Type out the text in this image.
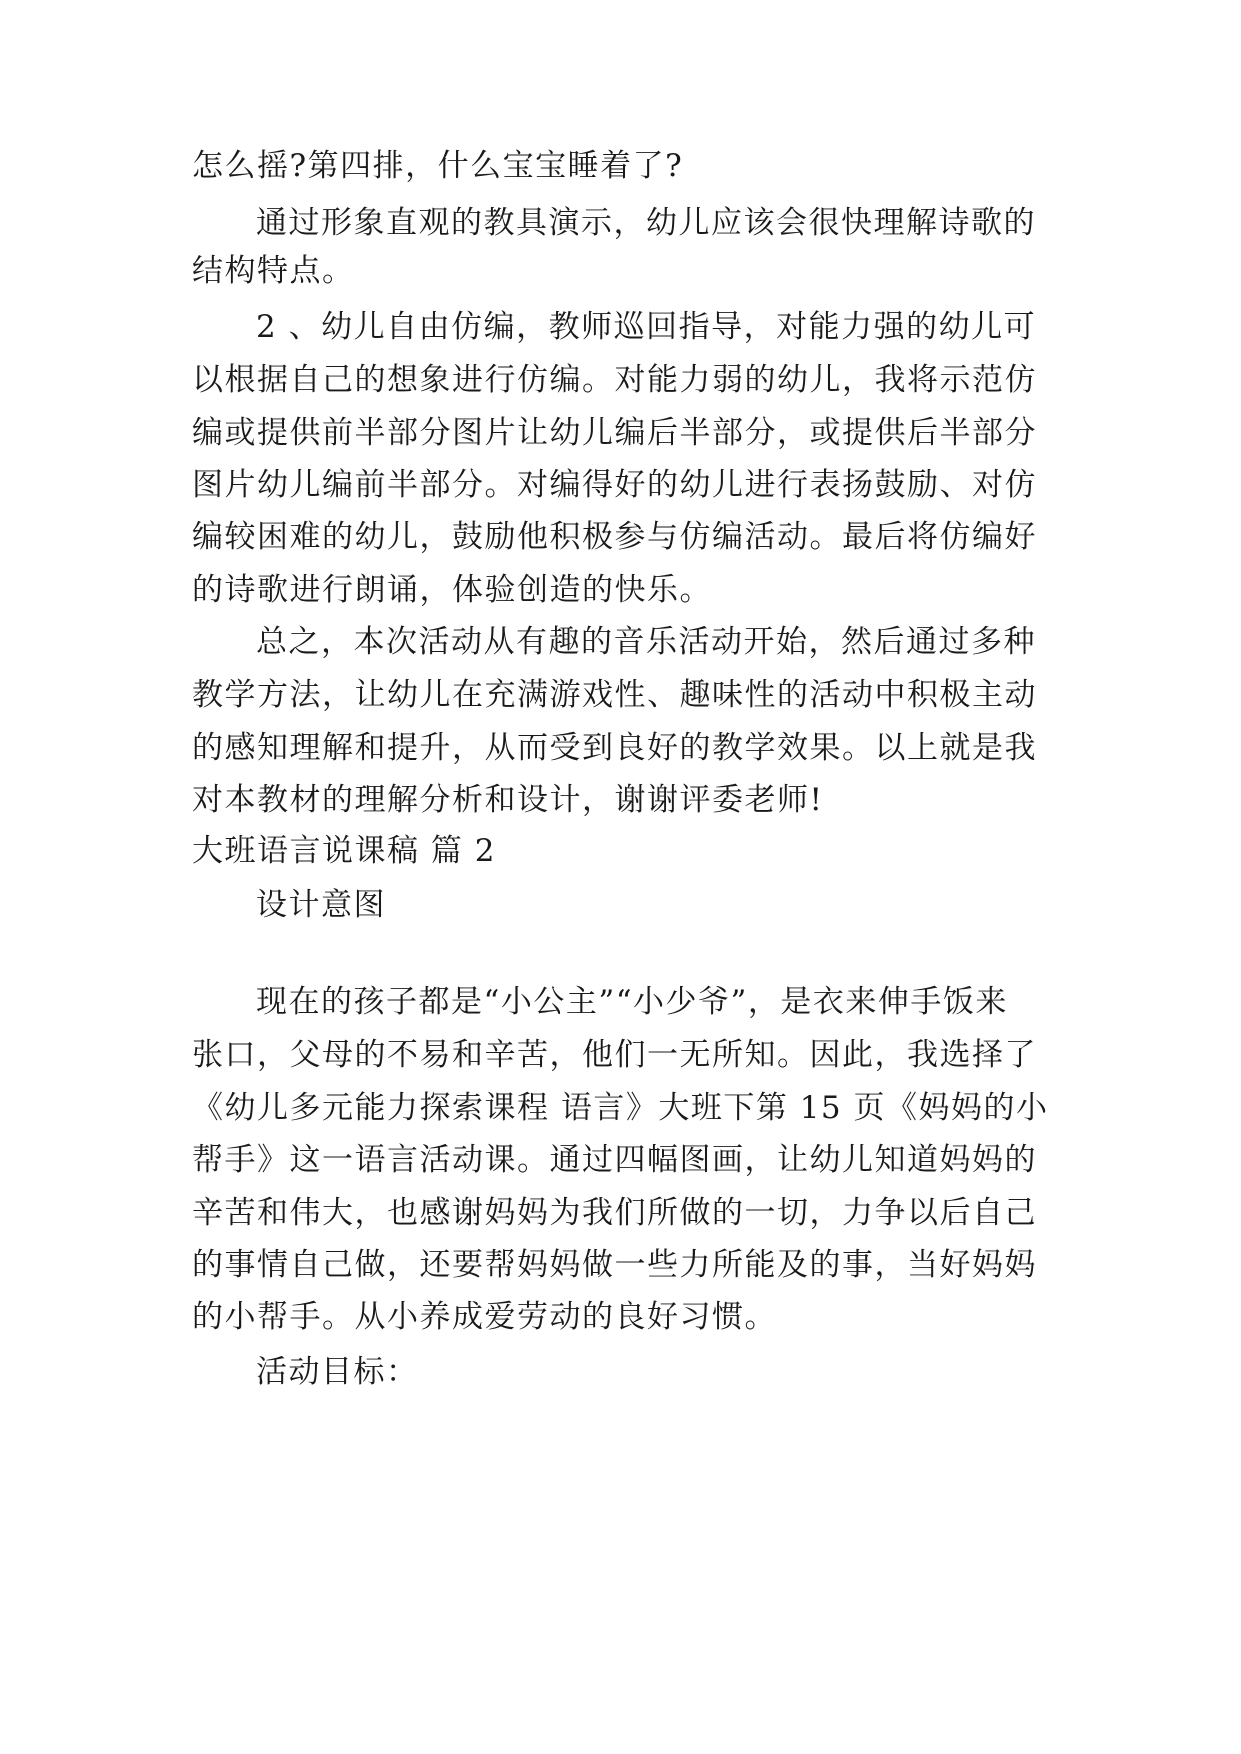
怎么摇?第四排，什么宝宝睡着了?
通过形象直观的教具演示，幼儿应该会很快理解诗歌的
结构特点。
2 、幼儿自由仿编，教师巡回指导，对能力强的幼儿可
以根据自己的想象进行仿编。对能力弱的幼儿，我将示范仿
编或提供前半部分图片让幼儿编后半部分，或提供后半部分
图片幼儿编前半部分。对编得好的幼儿进行表扬鼓励、对仿
编较困难的幼儿，鼓励他积极参与仿编活动。最后将仿编好
的诗歌进行朗诵，体验创造的快乐。
总之，本次活动从有趣的音乐活动开始，然后通过多种
教学方法，让幼儿在充满游戏性、趣味性的活动中积极主动
的感知理解和提升，从而受到良好的教学效果。以上就是我
对本教材的理解分析和设计，谢谢评委老师!
大班语言说课稿 篇 2
设计意图
现在的孩子都是“小公主”“小少爷”，是衣来伸手饭来
张口，父母的不易和辛苦，他们一无所知。因此，我选择了
《幼儿多元能力探索课程 语言》大班下第 15 页《妈妈的小
帮手》这一语言活动课。通过四幅图画，让幼儿知道妈妈的
辛苦和伟大，也感谢妈妈为我们所做的一切，力争以后自己
的事情自己做，还要帮妈妈做一些力所能及的事，当好妈妈
的小帮手。从小养成爱劳动的良好习惯。
活动目标：
